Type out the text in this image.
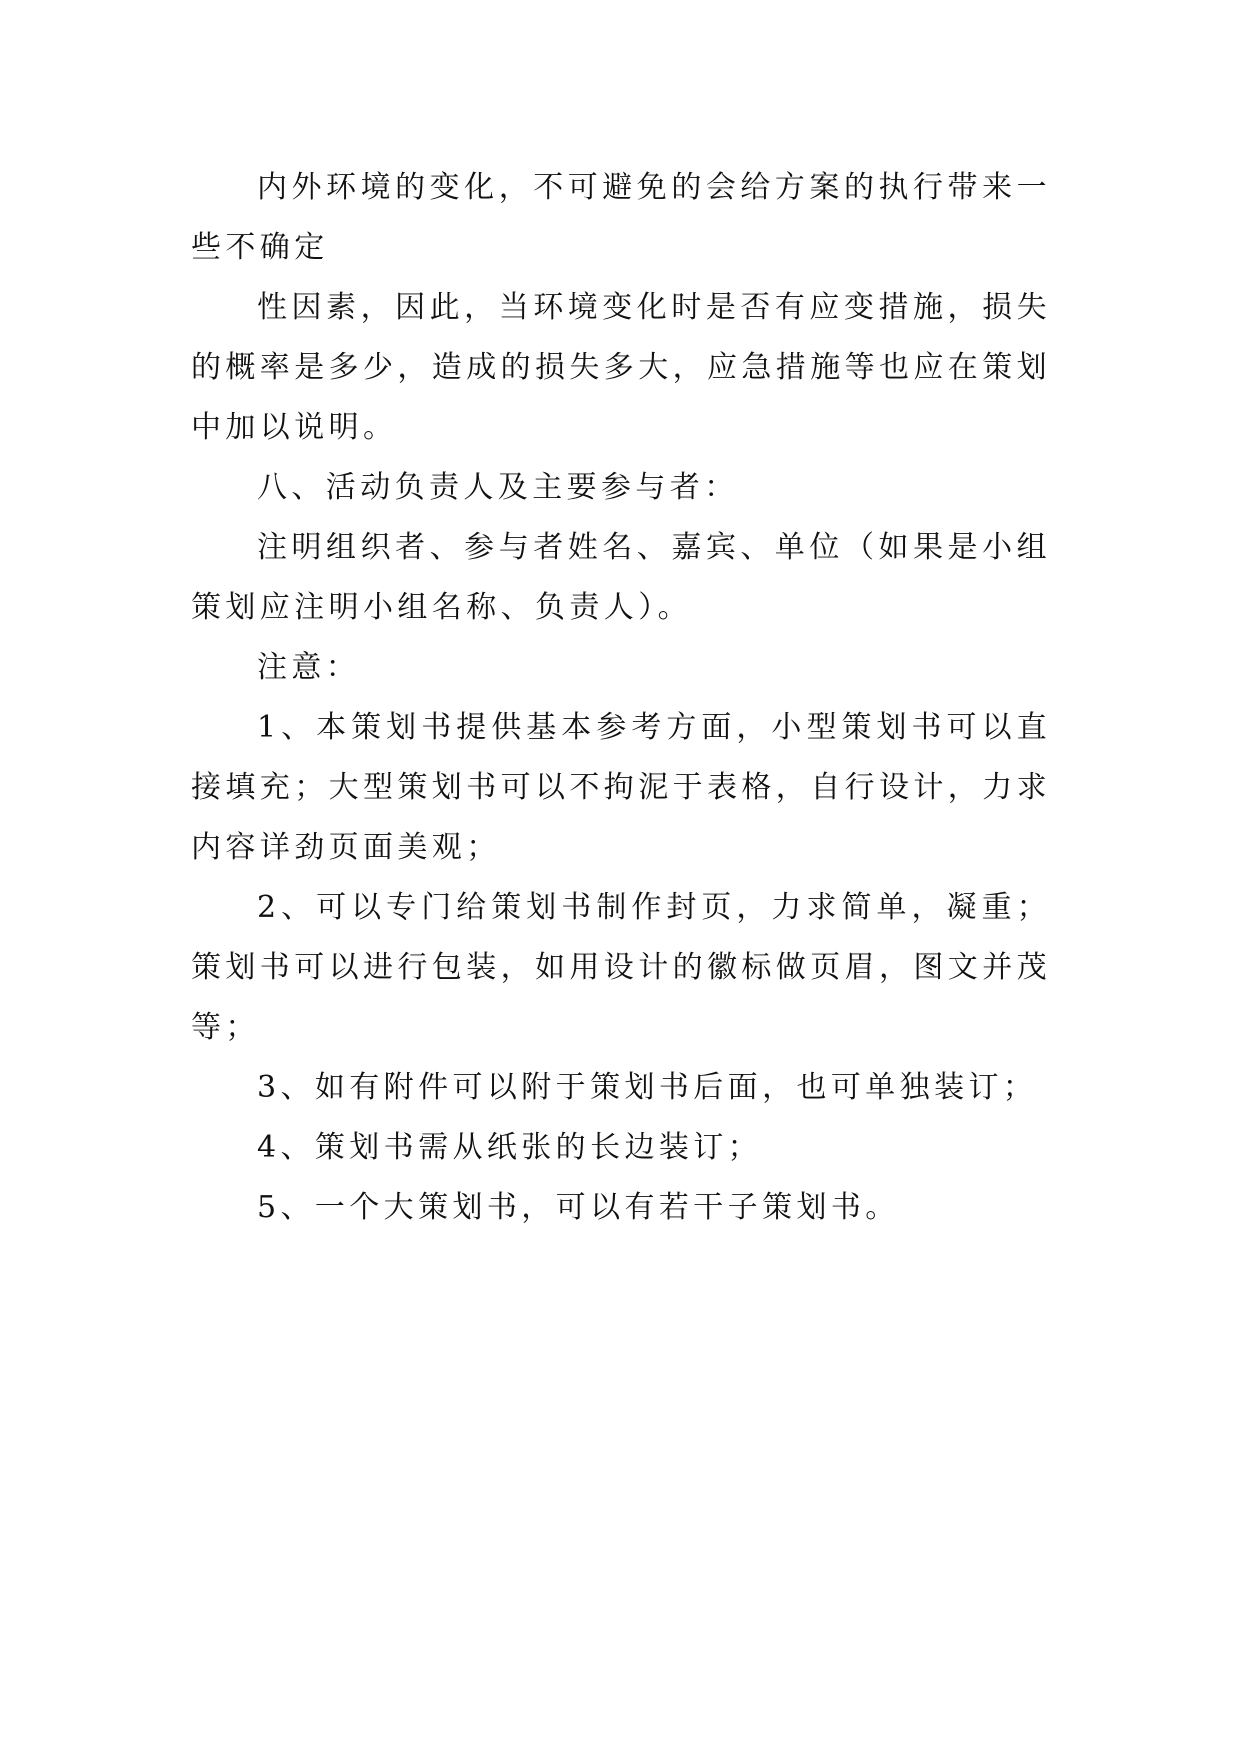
内外环境的变化，不可避免的会给方案的执行带来一些不确定

性因素，因此，当环境变化时是否有应变措施，损失的概率是多少，造成的损失多大，应急措施等也应在策划中加以说明。

八、活动负责人及主要参与者：

注明组织者、参与者姓名、嘉宾、单位（如果是小组策划应注明小组名称、负责人）。

注意：

1、本策划书提供基本参考方面，小型策划书可以直接填充；大型策划书可以不拘泥于表格，自行设计，力求内容详劲页面美观；

2、可以专门给策划书制作封页，力求简单，凝重；策划书可以进行包装，如用设计的徽标做页眉，图文并茂等；

3、如有附件可以附于策划书后面，也可单独装订；

4、策划书需从纸张的长边装订；

5、一个大策划书，可以有若干子策划书。
